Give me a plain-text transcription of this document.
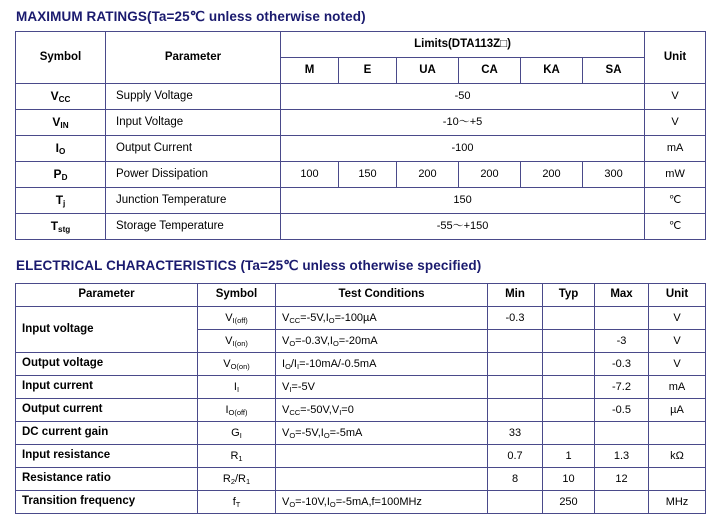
MAXIMUM RATINGS(Ta=25℃ unless otherwise noted)
Symbol	Parameter	Limits(DTA113Z□)						Unit
		M	E	UA	CA	KA	SA	
$V_{CC}$	Supply Voltage	-50						V
$V_{IN}$	Input Voltage	-10～+5						V
$I_O$	Output Current	-100						mA
$P_D$	Power Dissipation	100	150	200	200	200	300	mW
$T_j$	Junction Temperature	150						℃
$T_{stg}$	Storage Temperature	-55～+150						℃
ELECTRICAL CHARACTERISTICS (Ta=25℃ unless otherwise specified)
Parameter	Symbol	Test Conditions	Min	Typ	Max	Unit
Input voltage	$V_{I(off)}$	$V_{CC}=-5V,I_O=-100\mu A$	-0.3			V
	$V_{I(on)}$	$V_O=-0.3V,I_O=-20mA$			-3	V
Output voltage	$V_{O(on)}$	$I_O/I_I=-10mA/-0.5mA$			-0.3	V
Input current	$I_I$	$V_I=-5V$			-7.2	mA
Output current	$I_{O(off)}$	$V_{CC}=-50V,V_I=0$			-0.5	µA
DC current gain	$G_I$	$V_O=-5V,I_O=-5mA$	33			
Input resistance	$R_1$		0.7	1	1.3	kΩ
Resistance ratio	$R_2/R_1$		8	10	12	
Transition frequency	$f_T$	$V_O=-10V,I_O=-5mA,f=100MHz$		250		MHz
